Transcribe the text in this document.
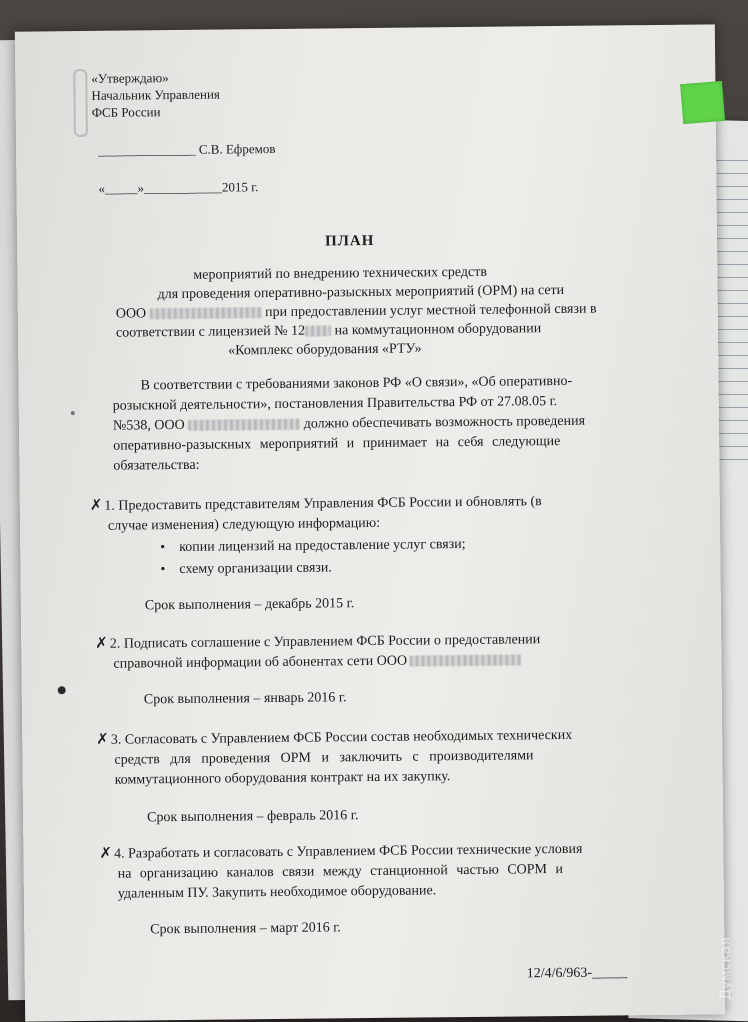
«Утверждаю»
Начальник Управления
ФСБ России
_______________ С.В. Ефремов
«_____»____________2015 г.
ПЛАН
мероприятий по внедрению технических средств
для проведения оперативно-разыскных мероприятий (ОРМ) на сети
ООО	при предоставлении услуг местной телефонной связи в
соответствии с лицензией № 12 на коммутационном оборудовании
«Комплекс оборудования «РТУ»
В соответствии с требованиями законов РФ «О связи», «Об оперативно-
розыскной деятельности», постановления Правительства РФ от 27.08.05 г.
№538, ООО	должно обеспечивать возможность проведения
оперативно-разыскных мероприятий и принимает на себя следующие
обязательства:
✗ 1. Предоставить представителям Управления ФСБ России и обновлять (в
случае изменения) следующую информацию:
•    копии лицензий на предоставление услуг связи;
•    схему организации связи.
Срок выполнения – декабрь 2015 г.
✗ 2. Подписать соглашение с Управлением ФСБ России о предоставлении
справочной информации об абонентах сети ООО
Срок выполнения – январь 2016 г.
✗ 3. Согласовать с Управлением ФСБ России состав необходимых технических
средств для проведения ОРМ и заключить с производителями
коммутационного оборудования контракт на их закупку.
Срок выполнения – февраль 2016 г.
✗ 4. Разработать и согласовать с Управлением ФСБ России технические условия
на организацию каналов связи между станционной частью СОРМ и
удаленным ПУ. Закупить необходимое оборудование.
Срок выполнения – март 2016 г.
12/4/6/963-_____	Думская
